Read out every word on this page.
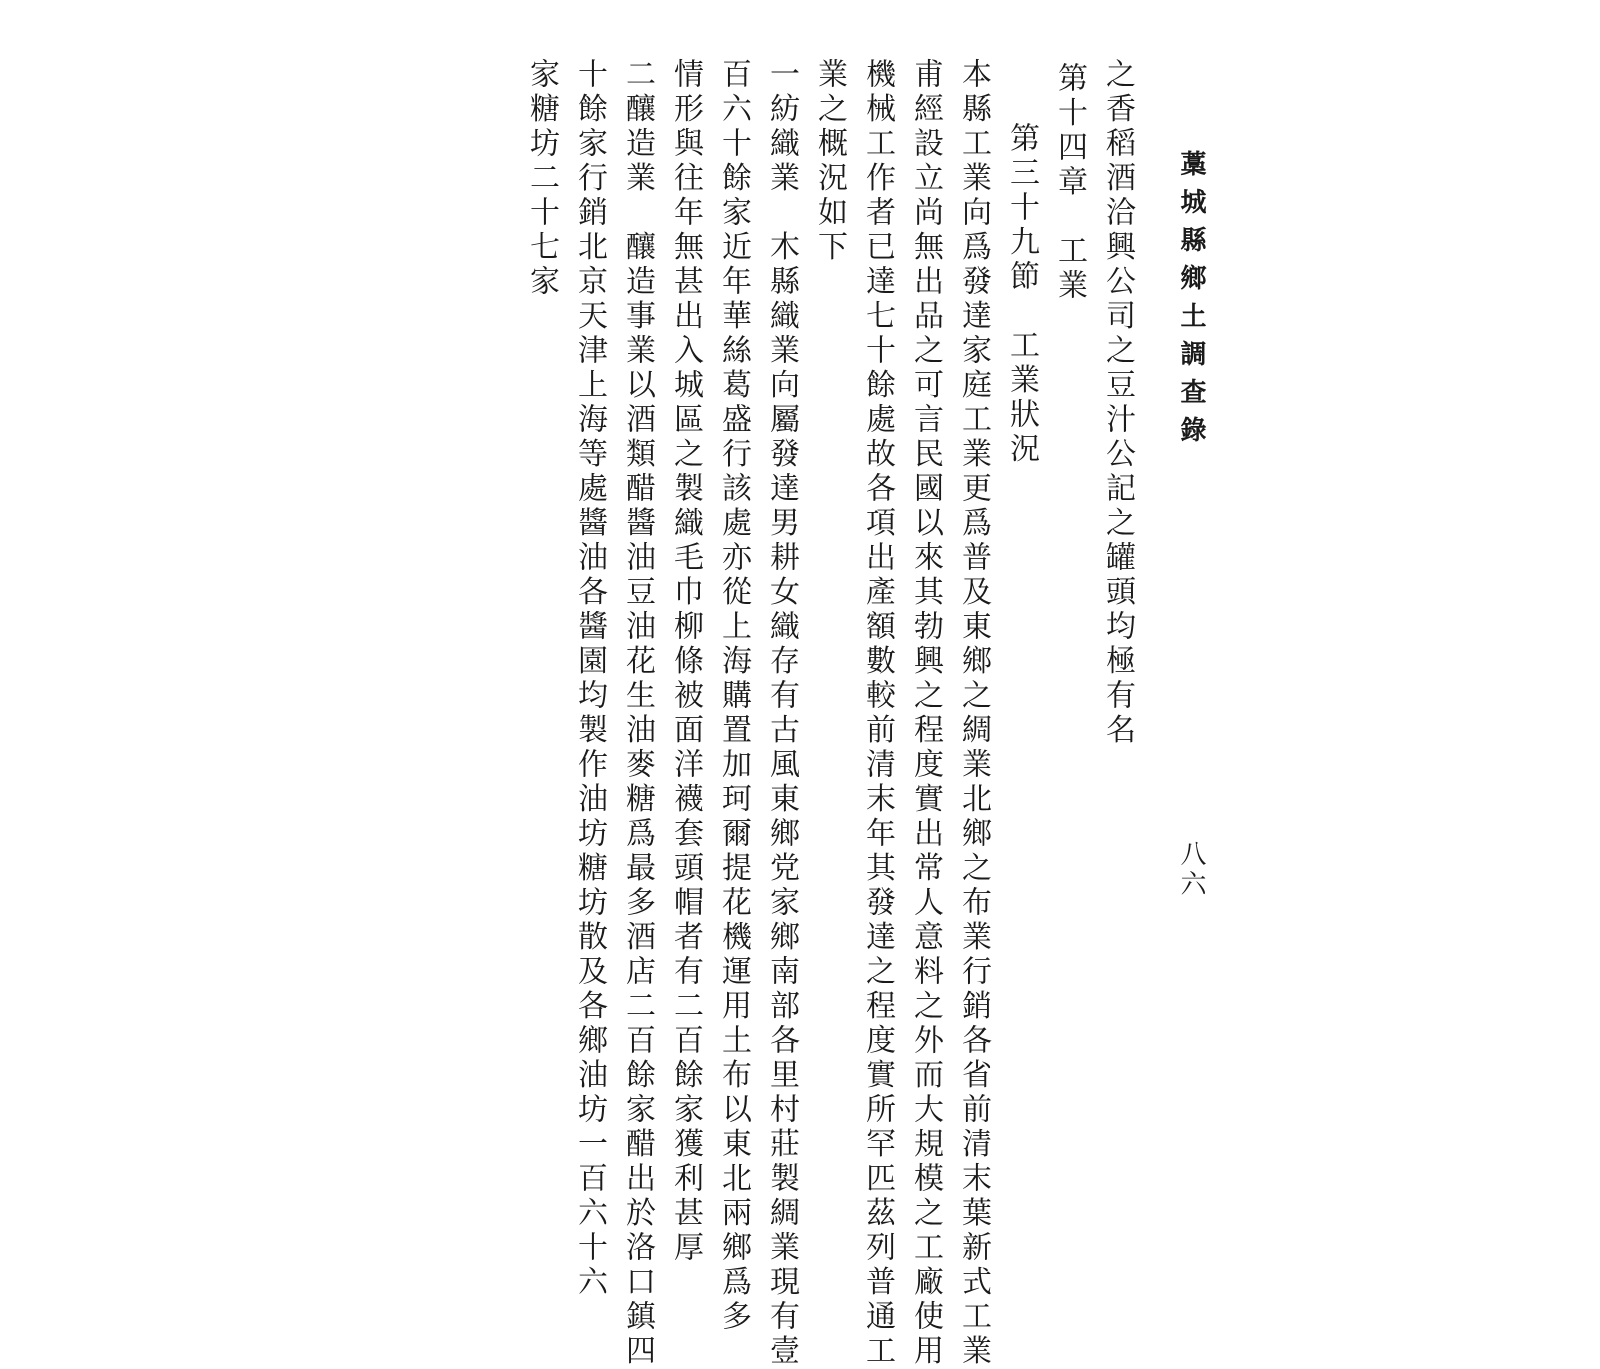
藁城縣鄉土調查錄
八六
之香稻酒洽興公司之豆汁公記之罐頭均極有名
第十四章　工業
第三十九節　工業狀況
本縣工業向爲發達家庭工業更爲普及東鄉之綢業北鄉之布業行銷各省前清末葉新式工業
甫經設立尚無出品之可言民國以來其勃興之程度實出常人意料之外而大規模之工廠使用
機械工作者已達七十餘處故各項出產額數較前清末年其發達之程度實所罕匹茲列普通工
業之概況如下
一紡織業　木縣織業向屬發達男耕女織存有古風東鄉党家鄉南部各里村莊製綢業現有壹
百六十餘家近年華絲葛盛行該處亦從上海購置加珂爾提花機運用土布以東北兩鄉爲多
情形與往年無甚出入城區之製織毛巾柳條被面洋襪套頭帽者有二百餘家獲利甚厚
二釀造業　釀造事業以酒類醋醬油豆油花生油麥糖爲最多酒店二百餘家醋出於洛口鎮四
十餘家行銷北京天津上海等處醬油各醬園均製作油坊糖坊散及各鄉油坊一百六十六
家糖坊二十七家
